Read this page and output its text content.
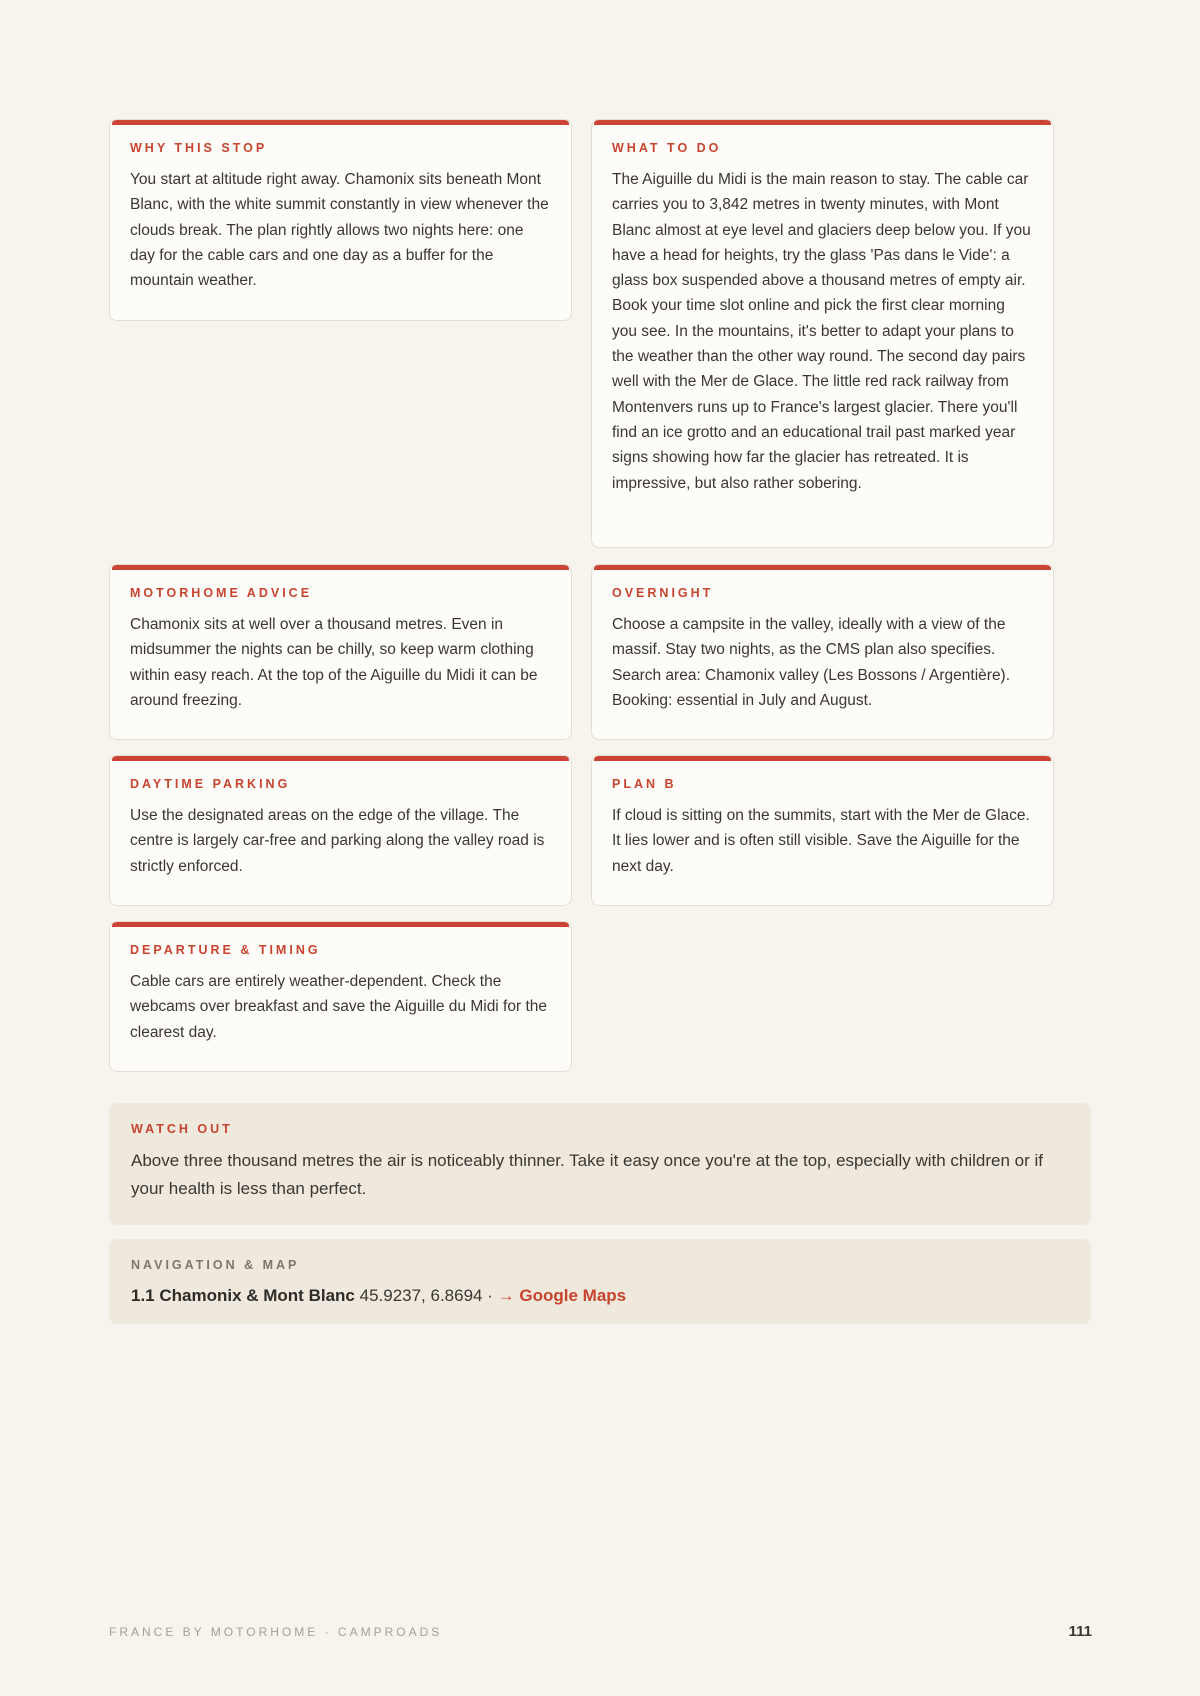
WHY THIS STOP

You start at altitude right away. Chamonix sits beneath Mont Blanc, with the white summit constantly in view whenever the clouds break. The plan rightly allows two nights here: one day for the cable cars and one day as a buffer for the mountain weather.

WHAT TO DO

The Aiguille du Midi is the main reason to stay. The cable car carries you to 3,842 metres in twenty minutes, with Mont Blanc almost at eye level and glaciers deep below you. If you have a head for heights, try the glass 'Pas dans le Vide': a glass box suspended above a thousand metres of empty air. Book your time slot online and pick the first clear morning you see. In the mountains, it's better to adapt your plans to the weather than the other way round. The second day pairs well with the Mer de Glace. The little red rack railway from Montenvers runs up to France's largest glacier. There you'll find an ice grotto and an educational trail past marked year signs showing how far the glacier has retreated. It is impressive, but also rather sobering.

MOTORHOME ADVICE

Chamonix sits at well over a thousand metres. Even in midsummer the nights can be chilly, so keep warm clothing within easy reach. At the top of the Aiguille du Midi it can be around freezing.

OVERNIGHT

Choose a campsite in the valley, ideally with a view of the massif. Stay two nights, as the CMS plan also specifies. Search area: Chamonix valley (Les Bossons / Argentière). Booking: essential in July and August.

DAYTIME PARKING

Use the designated areas on the edge of the village. The centre is largely car-free and parking along the valley road is strictly enforced.

PLAN B

If cloud is sitting on the summits, start with the Mer de Glace. It lies lower and is often still visible. Save the Aiguille for the next day.

DEPARTURE & TIMING

Cable cars are entirely weather-dependent. Check the webcams over breakfast and save the Aiguille du Midi for the clearest day.

WATCH OUT

Above three thousand metres the air is noticeably thinner. Take it easy once you're at the top, especially with children or if your health is less than perfect.

NAVIGATION & MAP

1.1 Chamonix & Mont Blanc 45.9237, 6.8694 · → Google Maps

FRANCE BY MOTORHOME · CAMPROADS	111
